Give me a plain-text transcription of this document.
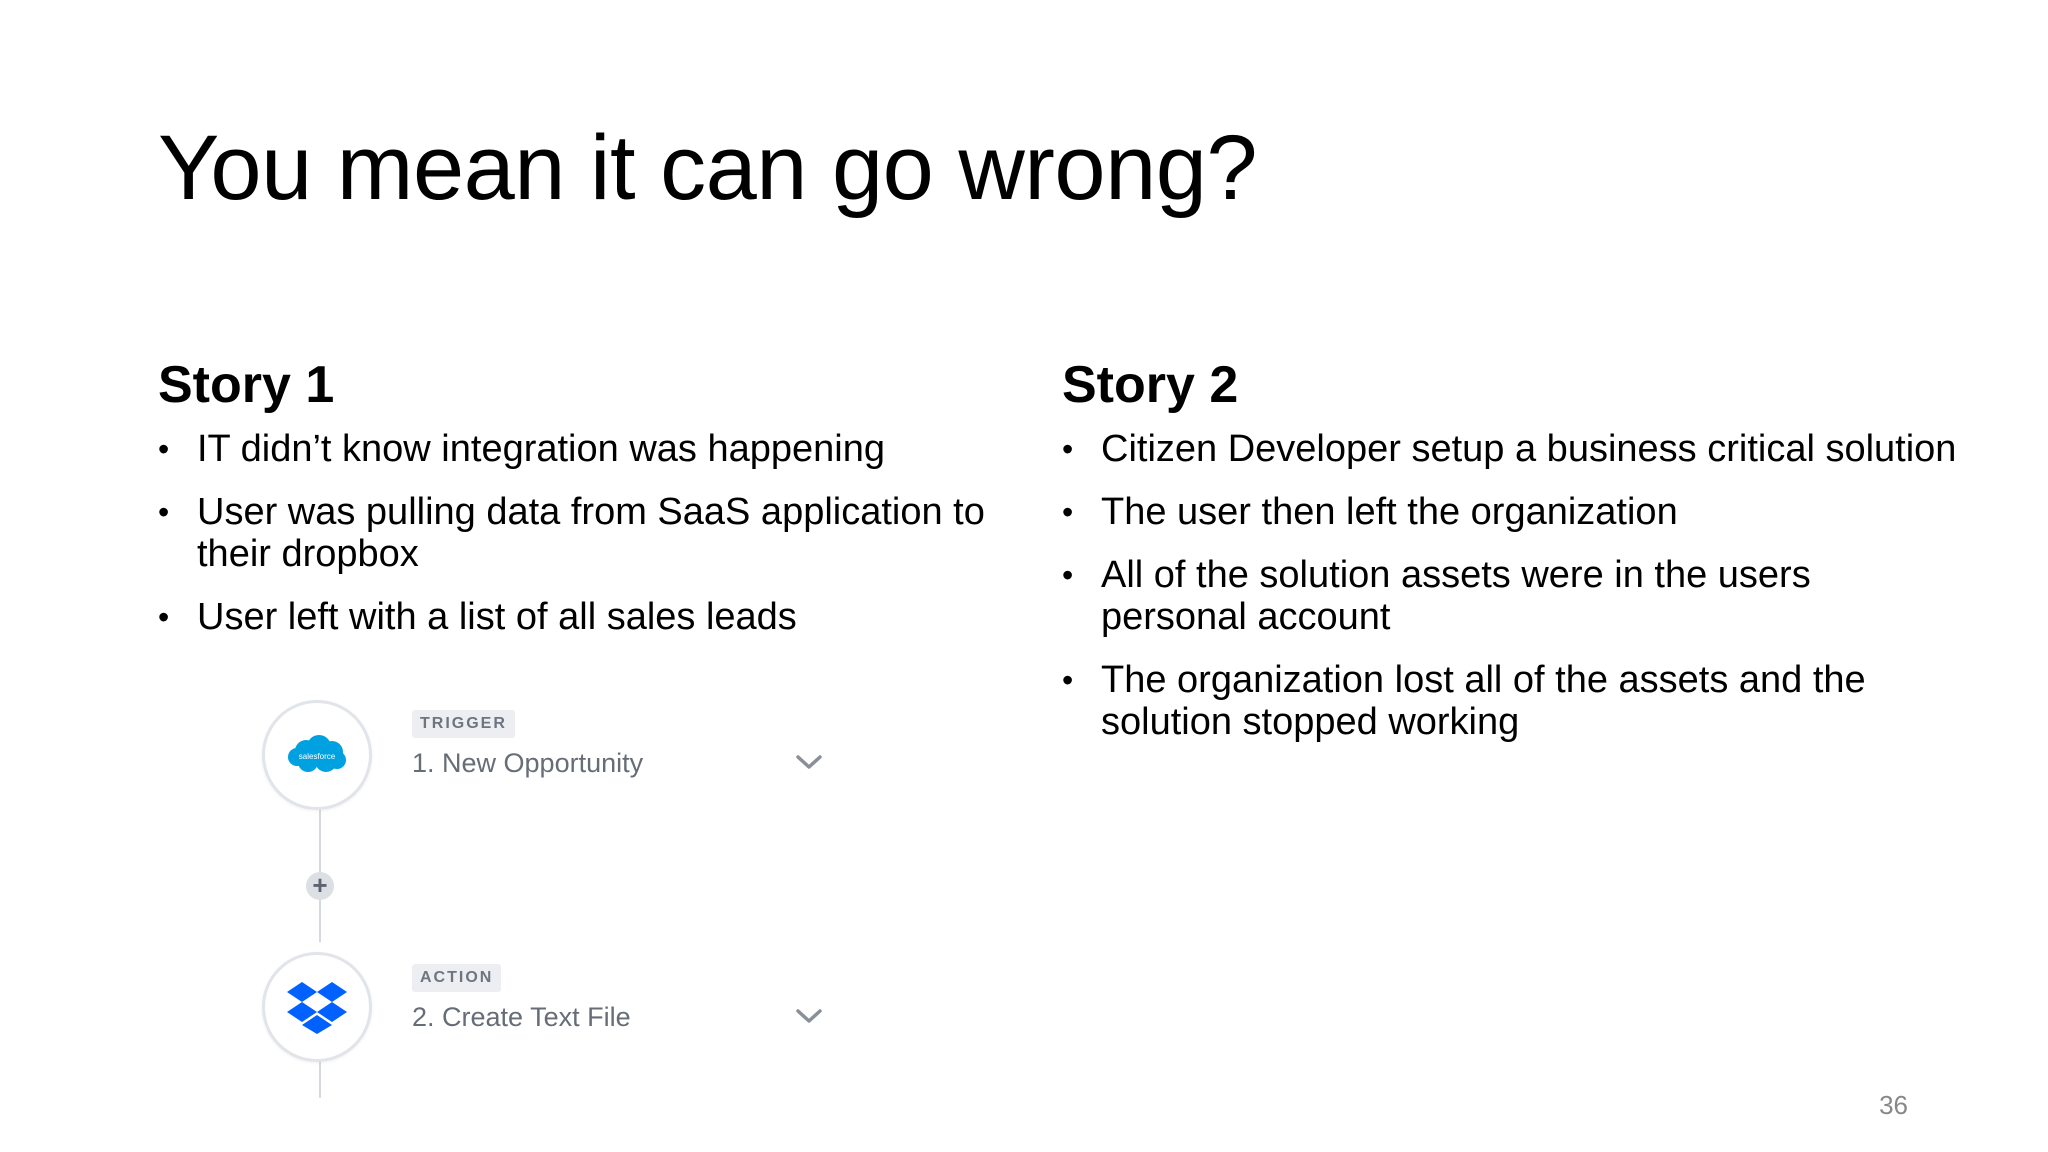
You mean it can go wrong?
Story 1
• IT didn’t know integration was happening
• User was pulling data from SaaS application to their dropbox
• User left with a list of all sales leads
Story 2
• Citizen Developer setup a business critical solution
• The user then left the organization
• All of the solution assets were in the users personal account
• The organization lost all of the assets and the solution stopped working
salesforce
TRIGGER
1. New Opportunity
+
ACTION
2. Create Text File
36
